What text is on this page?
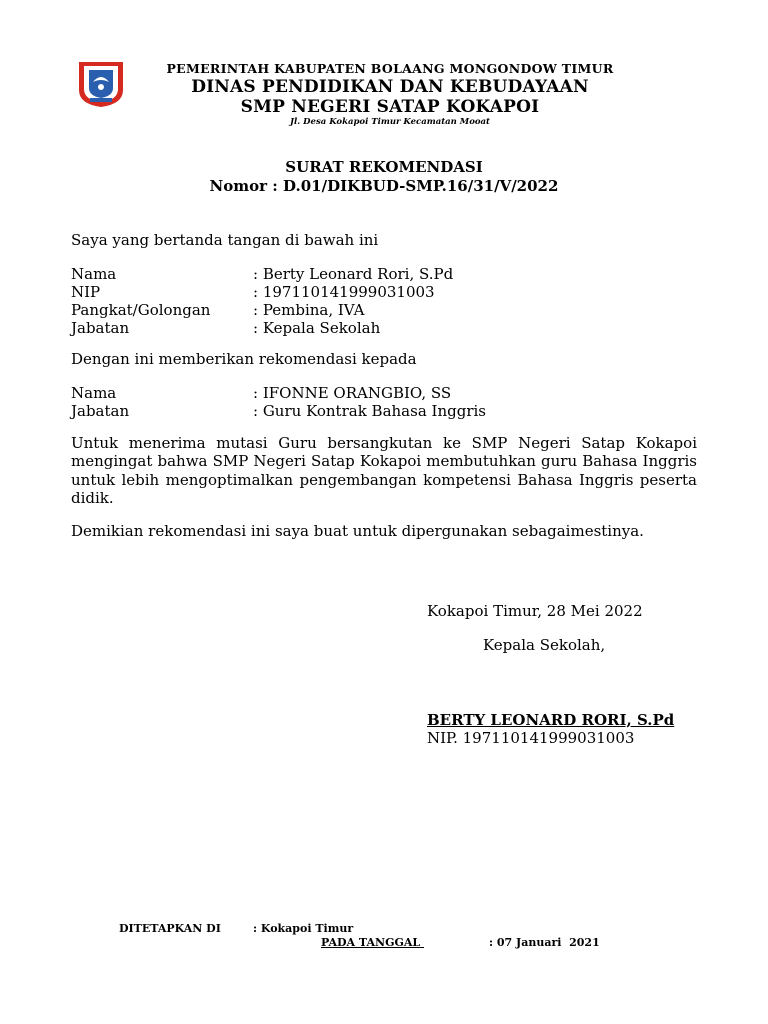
PEMERINTAH KABUPATEN BOLAANG MONGONDOW TIMUR
DINAS PENDIDIKAN DAN KEBUDAYAAN
SMP NEGERI SATAP KOKAPOI
Jl. Desa Kokapoi Timur Kecamatan Mooat
SURAT REKOMENDASI
Nomor : D.01/DIKBUD-SMP.16/31/V/2022
Saya yang bertanda tangan di bawah ini
Nama	: Berty Leonard Rori, S.Pd
NIP	: 197110141999031003
Pangkat/Golongan	: Pembina, IVA
Jabatan	: Kepala Sekolah
Dengan ini memberikan rekomendasi kepada
Nama	: IFONNE ORANGBIO, SS
Jabatan	: Guru Kontrak Bahasa Inggris
Untuk menerima mutasi Guru bersangkutan ke SMP Negeri Satap Kokapoi mengingat bahwa SMP Negeri Satap Kokapoi membutuhkan guru Bahasa Inggris untuk lebih mengoptimalkan pengembangan kompetensi Bahasa Inggris peserta didik.
Demikian rekomendasi ini saya buat untuk dipergunakan sebagaimestinya.
Kokapoi Timur, 28 Mei 2022
Kepala Sekolah,
BERTY LEONARD RORI, S.Pd
NIP. 197110141999031003
DITETAPKAN DI	: Kokapoi Timur
PADA TANGGAL	: 07 Januari  2021
